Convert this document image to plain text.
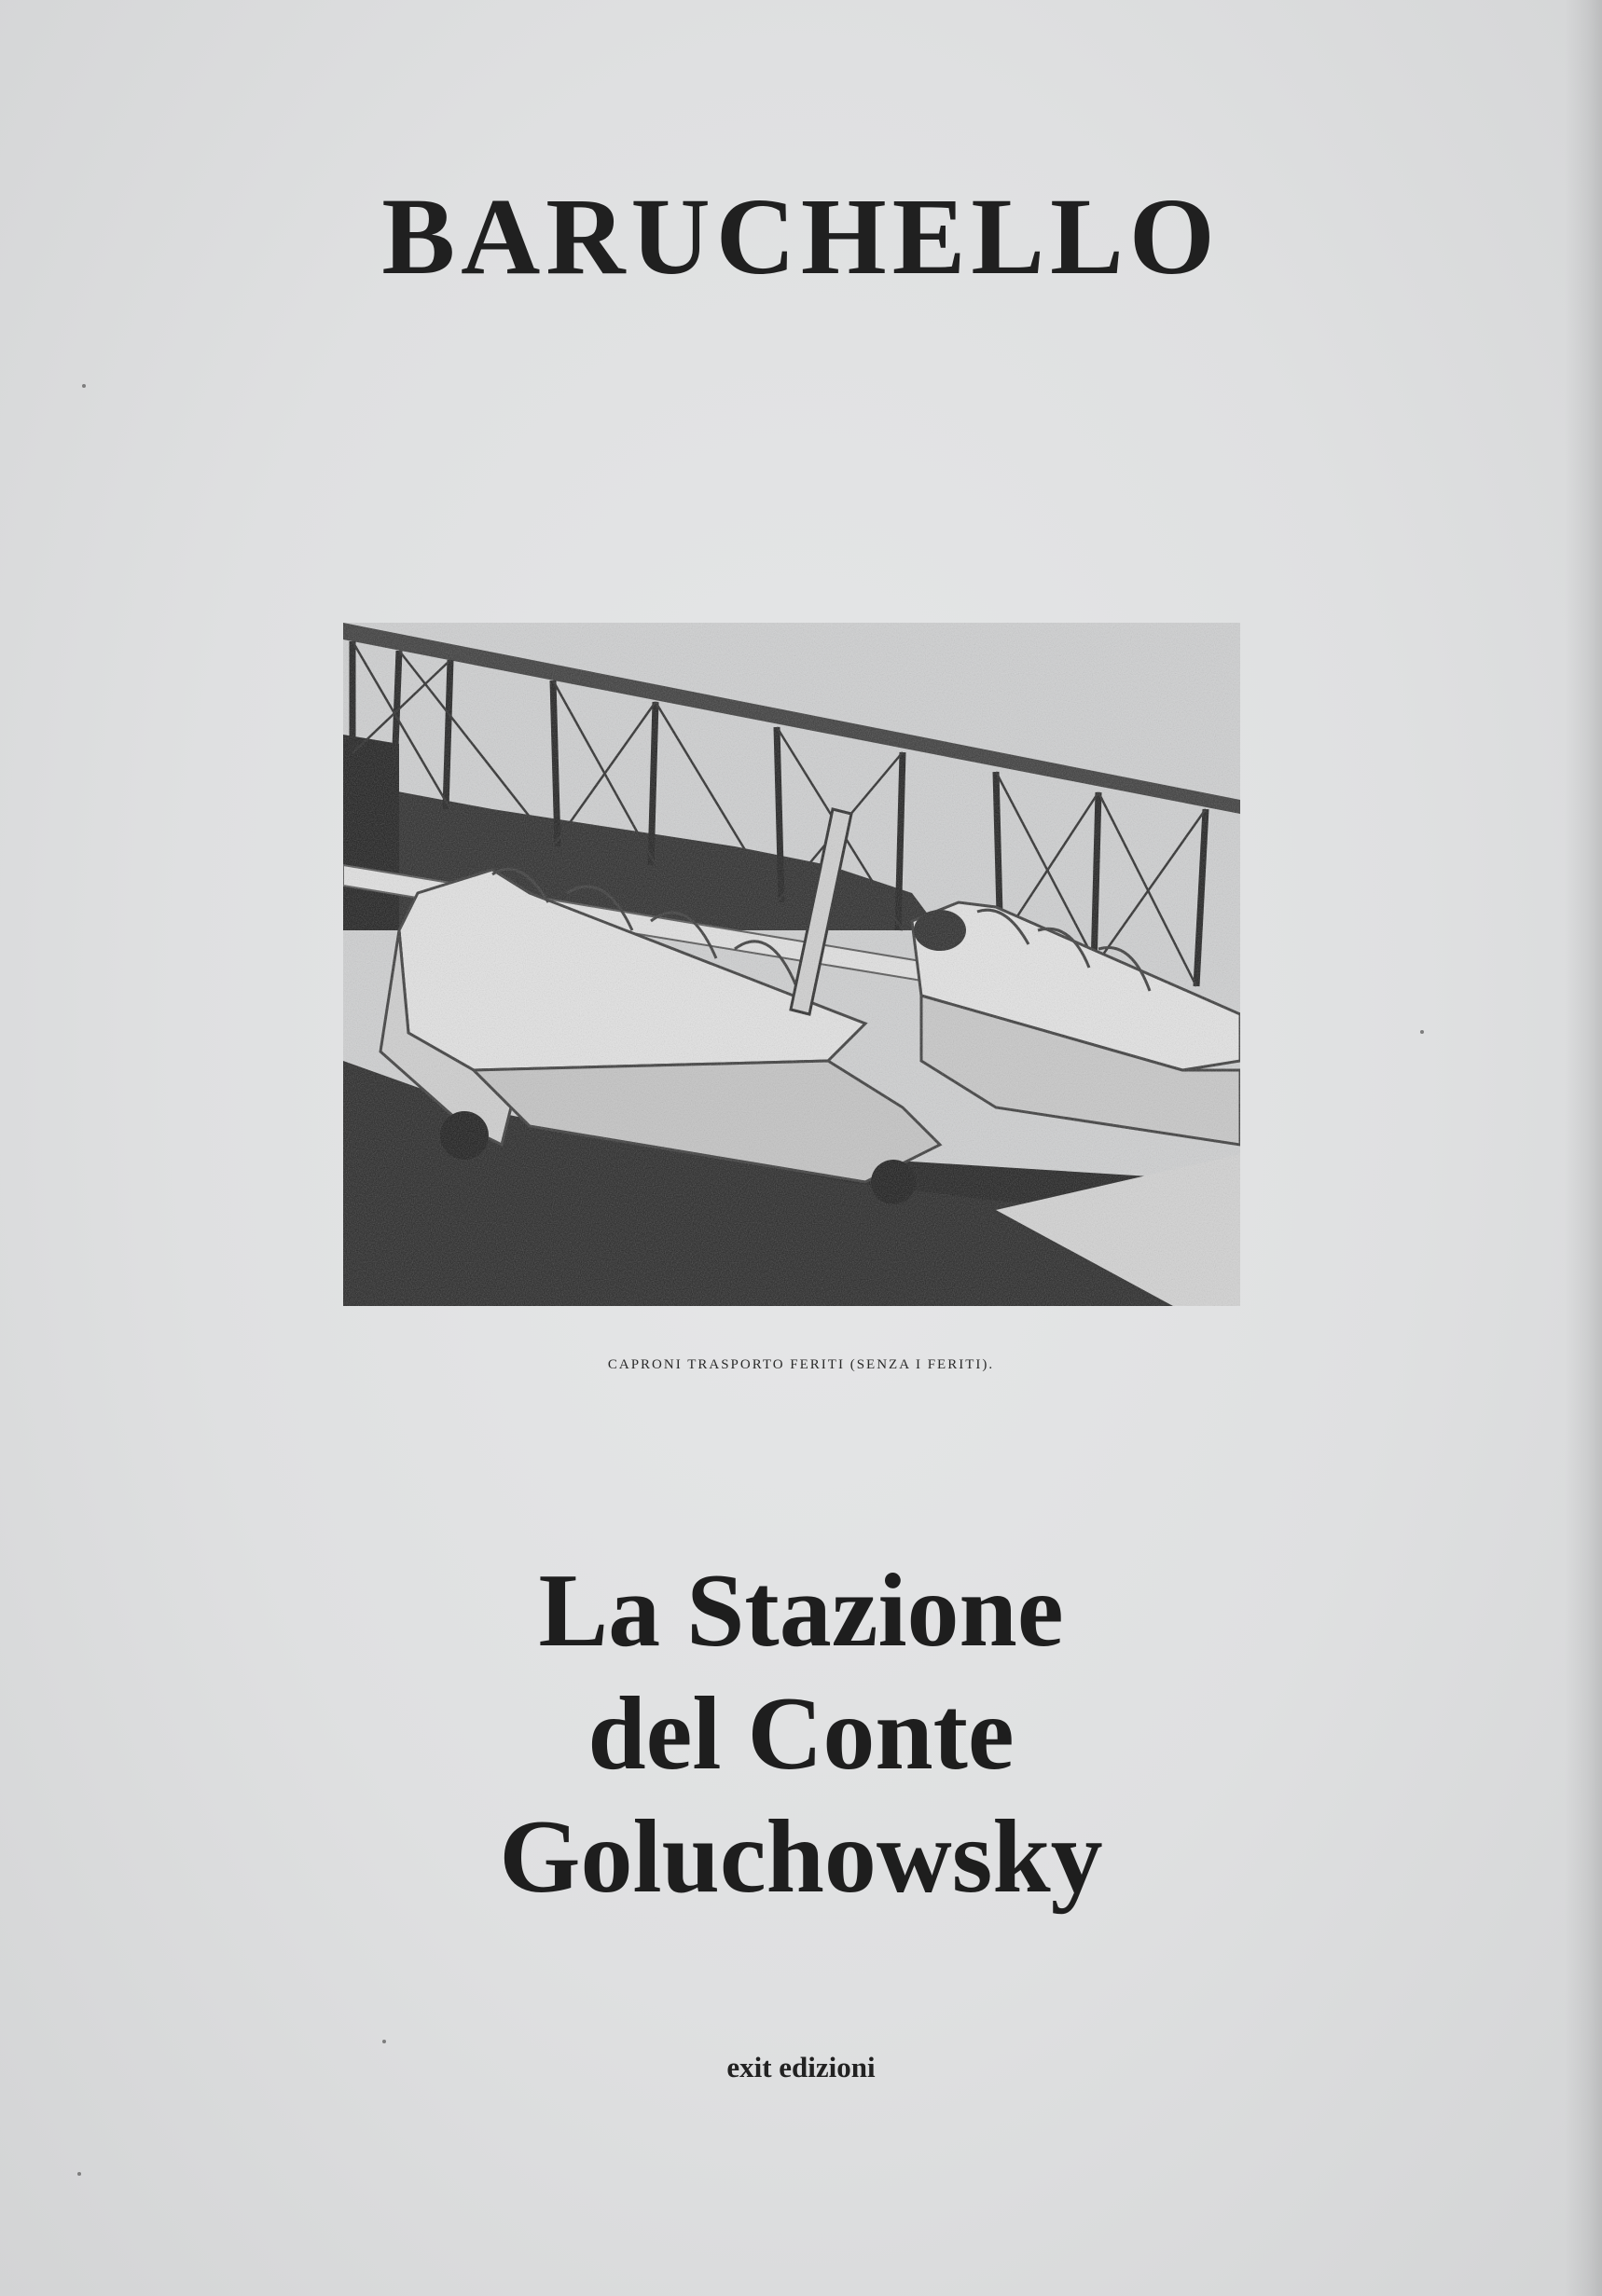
BARUCHELLO
CAPRONI TRASPORTO FERITI (SENZA I FERITI).
La Stazione
del Conte
Goluchowsky
exit edizioni
